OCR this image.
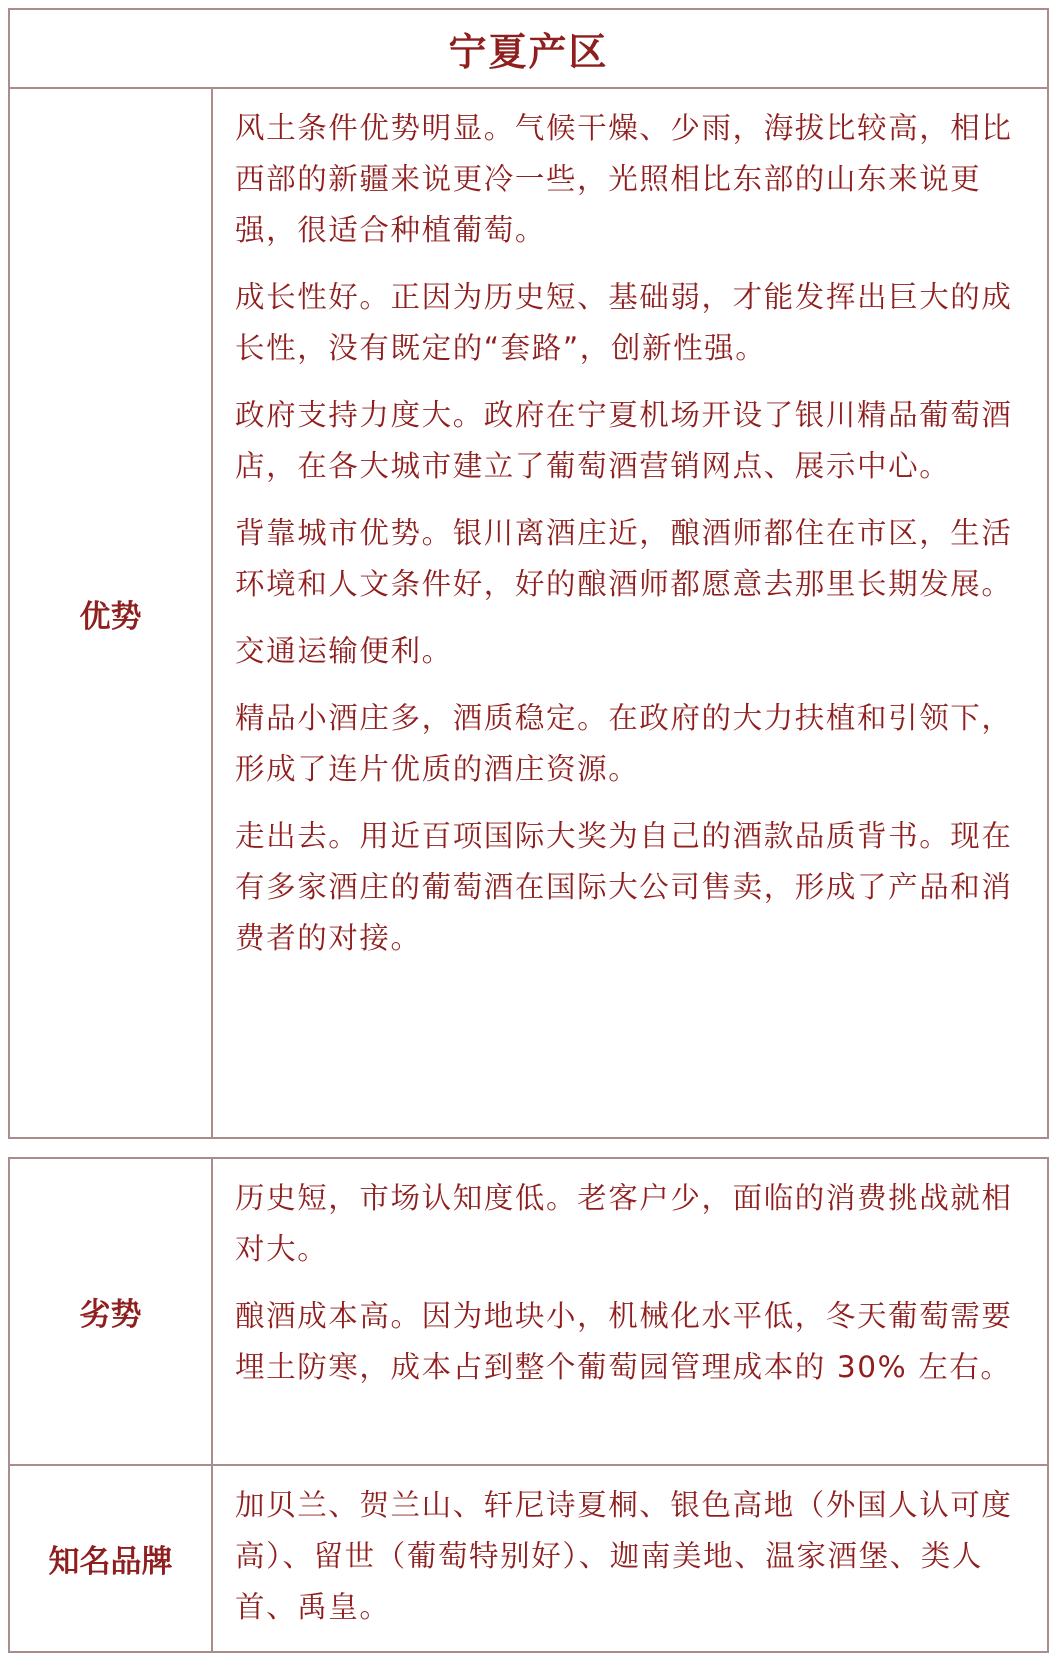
宁夏产区
优势

风土条件优势明显。气候干燥、少雨，海拔比较高，相比西部的新疆来说更冷一些，光照相比东部的山东来说更强，很适合种植葡萄。

成长性好。正因为历史短、基础弱，才能发挥出巨大的成长性，没有既定的“套路”，创新性强。

政府支持力度大。政府在宁夏机场开设了银川精品葡萄酒店，在各大城市建立了葡萄酒营销网点、展示中心。

背靠城市优势。银川离酒庄近，酿酒师都住在市区，生活环境和人文条件好，好的酿酒师都愿意去那里长期发展。

交通运输便利。

精品小酒庄多，酒质稳定。在政府的大力扶植和引领下，形成了连片优质的酒庄资源。

走出去。用近百项国际大奖为自己的酒款品质背书。现在有多家酒庄的葡萄酒在国际大公司售卖，形成了产品和消费者的对接。

劣势

历史短，市场认知度低。老客户少，面临的消费挑战就相对大。

酿酒成本高。因为地块小，机械化水平低，冬天葡萄需要埋土防寒，成本占到整个葡萄园管理成本的 30% 左右。

知名品牌

加贝兰、贺兰山、轩尼诗夏桐、银色高地（外国人认可度高）、留世（葡萄特别好）、迦南美地、温家酒堡、类人首、禹皇。
